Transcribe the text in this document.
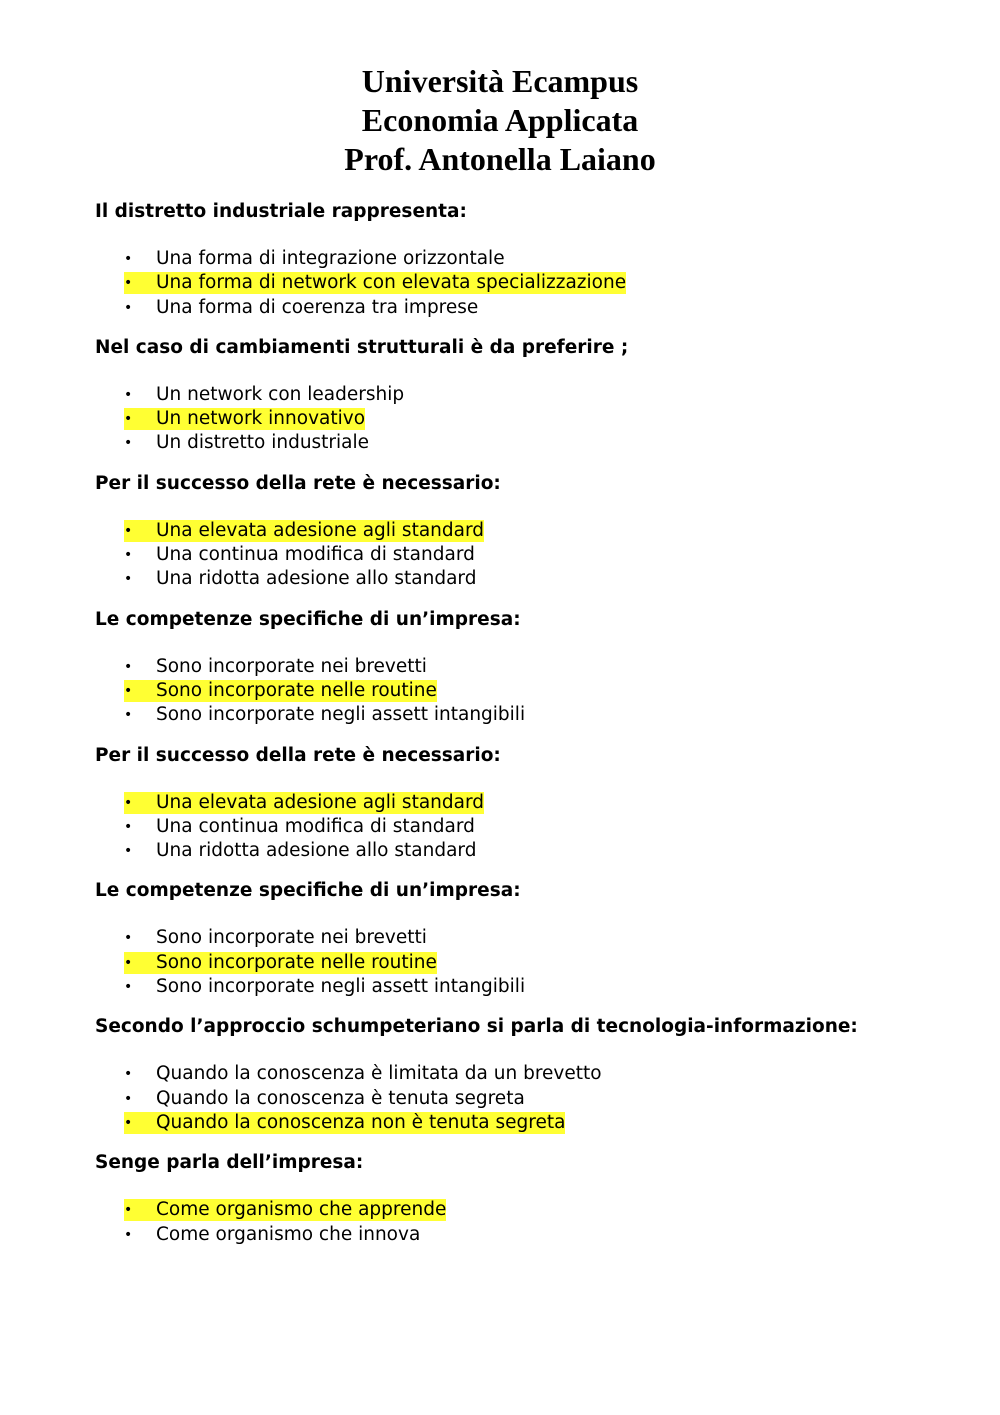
Università Ecampus
Economia Applicata
Prof. Antonella Laiano
Il distretto industriale rappresenta:
•	Una forma di integrazione orizzontale
•	Una forma di network con elevata specializzazione
•	Una forma di coerenza tra imprese
Nel caso di cambiamenti strutturali è da preferire ;
•	Un network con leadership
•	Un network innovativo
•	Un distretto industriale
Per il successo della rete è necessario:
•	Una elevata adesione agli standard
•	Una continua modifica di standard
•	Una ridotta adesione allo standard
Le competenze specifiche di un’impresa:
•	Sono incorporate nei brevetti
•	Sono incorporate nelle routine
•	Sono incorporate negli assett intangibili
Per il successo della rete è necessario:
•	Una elevata adesione agli standard
•	Una continua modifica di standard
•	Una ridotta adesione allo standard
Le competenze specifiche di un’impresa:
•	Sono incorporate nei brevetti
•	Sono incorporate nelle routine
•	Sono incorporate negli assett intangibili
Secondo l’approccio schumpeteriano si parla di tecnologia-informazione:
•	Quando la conoscenza è limitata da un brevetto
•	Quando la conoscenza è tenuta segreta
•	Quando la conoscenza non è tenuta segreta
Senge parla dell’impresa:
•	Come organismo che apprende
•	Come organismo che innova
